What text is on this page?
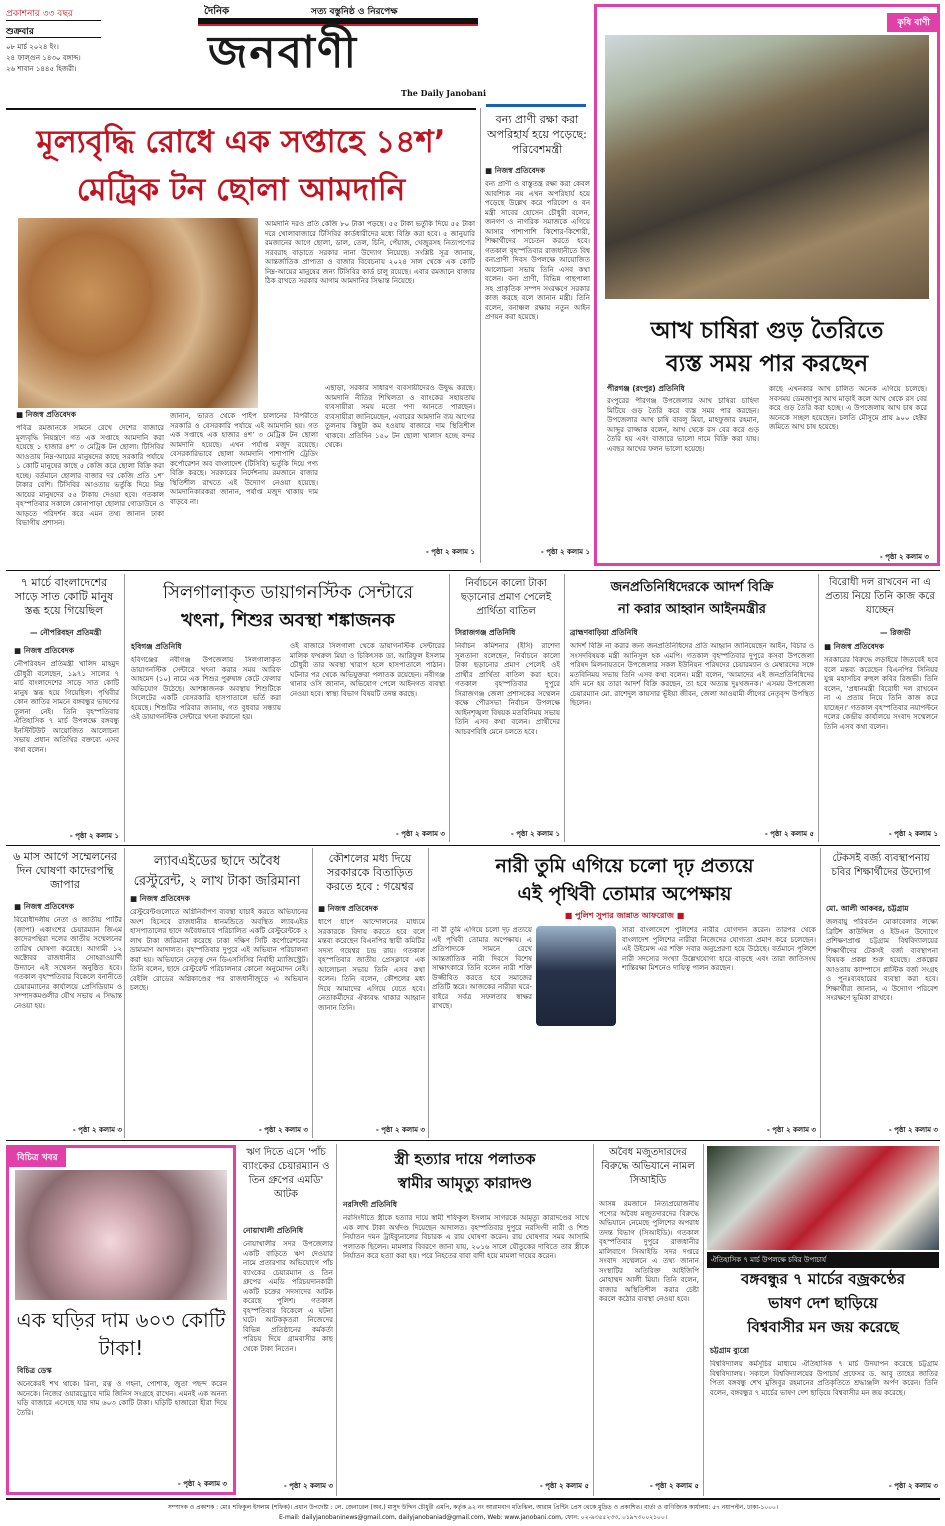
প্রকাশনার ৩৩ বছর
শুক্রবার
০৮ মার্চ ২০২৪ ইং।
২৪ ফাল্গুন ১৪৩০ বঙ্গাব্দ।
২৬ শাবান ১৪৪৫ হিজরী।
দৈনিক	সত্য বস্তুনিষ্ঠ ও নিরপেক্ষ
জনবাণী
The Daily Janobani
কৃষি বাণী
আখ চাষিরা গুড় তৈরিতে
ব্যস্ত সময় পার করছেন
পীরগঞ্জ (রংপুর) প্রতিনিধি
রংপুরের পীরগঞ্জ উপজেলার আখ চাষিরা চাহিদা মিটিয়ে গুড় তৈরি করে ব্যস্ত সময় পার করছেন। উপজেলার আখ চাষি বাবলু মিয়া, মাহফুজার রহমান, আব্দুর রাজ্জাক বলেন, আখ থেকে রস বের করে গুড় তৈরি হয় এবং বাজারে ভালো দামে বিক্রি করা যায়। এবছর আখের ফলন ভালো হয়েছে।
কাছে এখনকার আখ চালিত অনেক এগিয়ে চলেছে। সবসময় ডেমজাপুর আখ মাড়াই কলে আখ থেকে রস বের করে গুড় তৈরি করা হচ্ছে। এ উপজেলায় আখ চাষ করে অনেকে সচ্ছল হয়েছেন। চলতি মৌসুমে প্রায় ৯০০ হেক্টর জমিতে আখ চাষ হয়েছে।
- পৃষ্ঠা ২ কলাম ৩
মূল্যবৃদ্ধি রোধে এক সপ্তাহে ১৪শ’
মেট্রিক টন ছোলা আমদানি
■ নিজস্ব প্রতিবেদক
পবিত্র রমজানকে সামনে রেখে দেশের বাজারে মূল্যবৃদ্ধি নিয়ন্ত্রণে গত এক সপ্তাহে আমদানি করা হয়েছে ১ হাজার ৪শ’ ৩ মেট্রিক টন ছোলা। টিসিবির আওতায় নিম্ন-আয়ের মানুষদের কাছে সরকারি পর্যায়ে ১ কোটি মানুষের কাছে ৫ কেজি করে ছোলা বিক্রি করা হচ্ছে। বর্তমানে ছোলার বাজার দর কেজি প্রতি ১শ’ টাকার বেশি। টিসিবির আওতায় ভর্তুকি দিয়ে নিম্ন আয়ের মানুষদের ৫৫ টাকায় দেওয়া হবে। গতকাল বৃহস্পতিবার সকালে কোনাপাড়া ছোলার গোডাউনে ও আড়তে পরিদর্শন করে এমন তথ্য জানান ঢাকা বিভাগীয় প্রশাসন।
জানান, ভারত থেকে পাইপ চালানের বিপরীতে সরকারি ও বেসরকারি পর্যায়ে এই আমদানি হয়। গত এক সপ্তাহে এক হাজার ৪শ’ ৩ মেট্রিক টন ছোলা আমদানি হয়েছে। এখন পর্যাপ্ত মজুদ রয়েছে। বেসরকারিভাবে ছোলা আমদানি পাশাপাশি ট্রেডিং কর্পোরেশন অব বাংলাদেশ (টিসিবি) ভর্তুকি দিয়ে পণ্য বিক্রি করছে। সরকারের নির্দেশনায় রমজানে বাজার স্থিতিশীল রাখতে এই উদ্যোগ নেওয়া হয়েছে। আমদানিকারকরা জানান, পর্যাপ্ত মজুদ থাকায় দাম বাড়বে না।
আমদানি দরও প্রতি কেজি ৮০ টাকা পড়ছে। ৫৫ টাকা ভর্তুকি দিয়ে ৫৫ টাকা দরে খোলাবাজারে টিসিবির কার্ডধারীদের মধ্যে বিক্রি করা হবে। ৫ জানুয়ারি রমজানের আগে ছোলা, ডাল, তেল, চিনি, পেঁয়াজ, খেজুরসহ নিত্যপণ্যের সরবরাহ বাড়াতে সরকার নানা উদ্যোগ নিয়েছে। সংশ্লিষ্ট সূত্র জানায়, আন্তর্জাতিক প্রাপ্যতা ও বাজার বিবেচনায় ২০২৪ সাল থেকে এক কোটি নিম্ন-আয়ের মানুষের জন্য টিসিবির কার্ড চালু রয়েছে। এবার রমজানে বাজার ঠিক রাখতে সরকার আগাম আমদানির সিদ্ধান্ত নিয়েছে।
এছাড়া, সরকার সাধারণ ব্যবসায়ীদেরও উদ্বুদ্ধ করছে। আমদানি নীতির শিথিলতা ও ব্যাংকের সহায়তায় ব্যবসায়ীরা সময় মতো পণ্য আনতে পারছেন। ব্যবসায়ীরা জানিয়েছেন, এবারের আমদানি ব্যয় আগের তুলনায় কিছুটা কম হওয়ায় বাজারে দাম স্থিতিশীল থাকবে। প্রতিদিন ১৫০ টন ছোলা খালাস হচ্ছে বন্দর থেকে।
- পৃষ্ঠা ২ কলাম ১
বন্য প্রাণী রক্ষা করা অপরিহার্য হয়ে পড়েছে: পরিবেশমন্ত্রী
■ নিজস্ব প্রতিবেদক
বন্য প্রাণী ও বাস্তুতন্ত্র রক্ষা করা কেবল আবশ্যিক নয় এখন অপরিহার্য হয়ে পড়েছে উল্লেখ করে পরিবেশ ও বন মন্ত্রী সাবের হোসেন চৌধুরী বলেন, জনগণ ও নাগরিক সমাজকে এগিয়ে আসার পাশাপাশি কিশোর-কিশোরী, শিক্ষার্থীদের সচেতন করতে হবে। গতকাল বৃহস্পতিবার রাজধানীতে বিশ্ব বন্যপ্রাণী দিবস উপলক্ষে আয়োজিত আলোচনা সভায় তিনি এসব কথা বলেন। বন্য প্রাণী, বিভিন্ন গাছপালা সহ প্রাকৃতিক সম্পদ সংরক্ষণে সরকার কাজ করছে বলে জানান মন্ত্রী। তিনি বলেন, বনাঞ্চল রক্ষায় নতুন আইন প্রণয়ন করা হয়েছে।
- পৃষ্ঠা ২ কলাম ১
৭ মার্চে বাংলাদেশের সাড়ে সাত কোটি মানুষ স্তব্ধ হয়ে গিয়েছিল
— নৌপরিবহন প্রতিমন্ত্রী
■ নিজস্ব প্রতিবেদক
নৌপরিবহন প্রতিমন্ত্রী খালিদ মাহমুদ চৌধুরী বলেছেন, ১৯৭১ সালের ৭ মার্চ বাংলাদেশের সাড়ে সাত কোটি মানুষ স্তব্ধ হয়ে গিয়েছিল। পৃথিবীর কোন জাতির সামনে বঙ্গবন্ধুর ভাষণের তুলনা নেই। তিনি বৃহস্পতিবার ঐতিহাসিক ৭ মার্চ উপলক্ষে বঙ্গবন্ধু ইনস্টিটিউট আয়োজিত আলোচনা সভায় প্রধান অতিথির বক্তব্যে এসব কথা বলেন।
- পৃষ্ঠা ২ কলাম ১
সিলগালাকৃত ডায়াগনস্টিক সেন্টারে
খৎনা, শিশুর অবস্থা শঙ্কাজনক
হবিগঞ্জ প্রতিনিধি
হবিগঞ্জের নবীগঞ্জ উপজেলায় সিলগালাকৃত ডায়াগনস্টিক সেন্টারে খৎনা করার সময় আরিফ আহমেদ (১০) নামে এক শিশুর পুরুষাঙ্গ কেটে ফেলার অভিযোগ উঠেছে। আশঙ্কাজনক অবস্থায় শিশুটিকে সিলেটের একটি বেসরকারি হাসপাতালে ভর্তি করা হয়েছে। শিশুটির পরিবার জানায়, গত বুধবার সন্ধ্যায় ওই ডায়াগনস্টিক সেন্টারে খৎনা করানো হয়।
ওই বাজারে সিলগালা থেকে ডায়াগনস্টিক সেন্টারের মালিক ফখরুল মিয়া ও চিকিৎসক ডা. আরিফুল ইসলাম চৌধুরী তার অবস্থা খারাপ হলে হাসপাতালে পাঠান। ঘটনার পর থেকে অভিযুক্তরা পলাতক রয়েছেন। নবীগঞ্জ থানার ওসি জানান, অভিযোগ পেলে আইনগত ব্যবস্থা নেওয়া হবে। স্বাস্থ্য বিভাগ বিষয়টি তদন্ত করছে।
- পৃষ্ঠা ২ কলাম ৩
নির্বাচনে কালো টাকা ছড়ানোর প্রমাণ পেলেই প্রার্থিতা বাতিল
সিরাজগঞ্জ প্রতিনিধি
নির্বাচন কমিশনার (ইসি) রাশেদা সুলতানা বলেছেন, নির্বাচনে কালো টাকা ছড়ানোর প্রমাণ পেলেই ওই প্রার্থীর প্রার্থিতা বাতিল করা হবে। গতকাল বৃহস্পতিবার দুপুরে সিরাজগঞ্জ জেলা প্রশাসকের সম্মেলন কক্ষে পৌরসভা নির্বাচন উপলক্ষে আইনশৃঙ্খলা বিষয়ক মতবিনিময় সভায় তিনি এসব কথা বলেন। প্রার্থীদের আচরণবিধি মেনে চলতে হবে।
- পৃষ্ঠা ২ কলাম ১
জনপ্রতিনিধিদেরকে আদর্শ বিক্রি
না করার আহ্বান আইনমন্ত্রীর
ব্রাহ্মণবাড়িয়া প্রতিনিধি
আদর্শ বিক্রি না করার জন্য জনপ্রতিনিধিদের প্রতি আহ্বান জানিয়েছেন আইন, বিচার ও সংসদবিষয়ক মন্ত্রী আনিসুল হক এমপি। গতকাল বৃহস্পতিবার দুপুরে কসবা উপজেলা পরিষদ মিলনায়তনে উপজেলার সকল ইউনিয়ন পরিষদের চেয়ারম্যান ও মেম্বারদের সঙ্গে মতবিনিময় সভায় তিনি এসব কথা বলেন। মন্ত্রী বলেন, 'আমাদের এই জনপ্রতিনিধিদের যদি মনে হয় তারা আদর্শ বিক্রি করছেন, তা হবে অত্যন্ত দুঃখজনক।' এসময় উপজেলা চেয়ারম্যান মো. রাশেদুল কায়সার ভূঁইয়া জীবন, জেলা আওয়ামী লীগের নেতৃবৃন্দ উপস্থিত ছিলেন।
- পৃষ্ঠা ২ কলাম ৫
বিরোধী দল রাখবেন না এ প্রত্যয় নিয়ে তিনি কাজ করে যাচ্ছেন
— রিজভী
■ নিজস্ব প্রতিবেদক
সরকারের বিরুদ্ধে লড়াইয়ে জিতবেই হবে বলে মন্তব্য করেছেন বিএনপির সিনিয়র যুগ্ম মহাসচিব রুহুল কবির রিজভী। তিনি বলেন, 'প্রধানমন্ত্রী বিরোধী দল রাখবেন না এ প্রত্যয় নিয়ে তিনি কাজ করে যাচ্ছেন।' গতকাল বৃহস্পতিবার নয়াপল্টনে দলের কেন্দ্রীয় কার্যালয়ে সংবাদ সম্মেলনে তিনি এসব কথা বলেন।
- পৃষ্ঠা ২ কলাম ১
৬ মাস আগে সম্মেলনের দিন ঘোষণা কাদেরপন্থি জাপার
■ নিজস্ব প্রতিবেদক
বিরোধীদলীয় নেতা ও জাতীয় পার্টির (জাপা) একাংশের চেয়ারম্যান জিএম কাদেরপন্থিরা দলের জাতীয় সম্মেলনের তারিখ ঘোষণা করেছে। আগামী ১২ অক্টোবর রাজধানীর সোহরাওয়ার্দী উদ্যানে এই সম্মেলন অনুষ্ঠিত হবে। গতকাল বৃহস্পতিবার বিকেলে বনানীতে চেয়ারম্যানের কার্যালয়ে প্রেসিডিয়াম ও সম্পাদকমণ্ডলীর যৌথ সভায় এ সিদ্ধান্ত নেওয়া হয়।
- পৃষ্ঠা ২ কলাম ৩
ল্যাবএইডের ছাদে অবৈধ
রেস্টুরেন্ট, ২ লাখ টাকা জরিমানা
■ নিজস্ব প্রতিবেদক
রেস্টুরেন্টগুলোতে অগ্নিনির্বাপণ ব্যবস্থা যাচাই করতে অভিযানের অংশ হিসেবে রাজধানীর ধানমন্ডিতে অবস্থিত ল্যাবএইড হাসপাতালের ছাদে অবৈধভাবে পরিচালিত একটি রেস্টুরেন্টকে ২ লাখ টাকা জরিমানা করেছে ঢাকা দক্ষিণ সিটি কর্পোরেশনের ভ্রাম্যমাণ আদালত। বৃহস্পতিবার দুপুরে এই অভিযান পরিচালনা করা হয়। অভিযানে নেতৃত্ব দেন ডিএসসিসির নির্বাহী ম্যাজিস্ট্রেট। তিনি বলেন, ছাদে রেস্টুরেন্ট পরিচালনার কোনো অনুমোদন নেই। বেইলি রোডের অগ্নিকাণ্ডের পর রাজধানীজুড়ে এ অভিযান চলছে।
- পৃষ্ঠা ২ কলাম ৩
কৌশলের মধ্য দিয়ে সরকারকে বিতাড়িত করতে হবে : গয়েশ্বর
■ নিজস্ব প্রতিবেদক
ধাপে ধাপে আন্দোলনের মাধ্যমে সরকারকে বিদায় করতে হবে বলে মন্তব্য করেছেন বিএনপির স্থায়ী কমিটির সদস্য গয়েশ্বর চন্দ্র রায়। গতকাল বৃহস্পতিবার জাতীয় প্রেসক্লাবে এক আলোচনা সভায় তিনি এসব কথা বলেন। তিনি বলেন, কৌশলের মধ্য দিয়ে আমাদের এগিয়ে যেতে হবে। নেতাকর্মীদের ঐক্যবদ্ধ থাকার আহ্বান জানান তিনি।
- পৃষ্ঠা ২ কলাম ৩
নারী তুমি এগিয়ে চলো দৃঢ় প্রত্যয়ে
এই পৃথিবী তোমার অপেক্ষায়
■ পুলিশ সুপার জান্নাত আফরোজ ■
না রী তুমি এগিয়ে চলো দৃঢ় প্রত্যয়ে এই পৃথিবী তোমার অপেক্ষায়। এ প্রতিপাদ্যকে সামনে রেখে আন্তর্জাতিক নারী দিবসে বিশেষ সাক্ষাৎকারে তিনি বলেন নারী শক্তি উজ্জীবিত করতে হবে সমাজের প্রতিটি স্তরে। আজকের নারীরা ঘরে-বাইরে সর্বত্র সফলতার স্বাক্ষর রাখছে।
সারা বাংলাদেশে পুলিশের নারীর যোগদান করেন। তারপর থেকে বাংলাদেশ পুলিশের নারীরা নিজেদের যোগ্যতা প্রমাণ করে চলেছেন। এই উইমেন্স এর শক্তি সবার অনুপ্রেরণা হয়ে উঠেছে। বর্তমানে পুলিশে নারী সদস্যের সংখ্যা উল্লেখযোগ্য হারে বাড়ছে এবং তারা জাতিসংঘ শান্তিরক্ষা মিশনেও দায়িত্ব পালন করছেন।
- পৃষ্ঠা ২ কলাম ৩
টেকসই বর্জ্য ব্যবস্থাপনায় চবির শিক্ষার্থীদের উদ্যোগ
মো. আলী আকবর, চট্টগ্রাম
জলবায়ু পরিবর্তন মোকাবেলার লক্ষ্যে ব্রিটিশ কাউন্সিল ও ইউএন উদ্যোগে প্রশিক্ষণপ্রাপ্ত চট্টগ্রাম বিশ্ববিদ্যালয়ের শিক্ষার্থীদের টেকসই বর্জ্য ব্যবস্থাপনা বিষয়ক প্রকল্প শুরু হয়েছে। প্রকল্পের আওতায় ক্যাম্পাসে প্লাস্টিক বর্জ্য সংগ্রহ ও পুনঃব্যবহারের ব্যবস্থা করা হবে। শিক্ষার্থীরা জানান, এ উদ্যোগ পরিবেশ সংরক্ষণে ভূমিকা রাখবে।
- পৃষ্ঠা ২ কলাম ৩
বিচিত্র খবর
এক ঘড়ির দাম ৬০৩ কোটি টাকা!
বিচিত্র ডেস্ক
অনেকেরই শখ থাকে। রিনা, রত্ন ও গহনা, পোশাক, জুতা পছন্দ করেন অনেকে। নিজের ওয়ারড্রোবে দামি জিনিস সংগ্রহে রাখেন। এমনই এক অনন্য ঘড়ি বাজারে এসেছে যার দাম ৬০৩ কোটি টাকা। ঘড়িটি হাজারো হীরা দিয়ে তৈরি।
- পৃষ্ঠা ২ কলাম ৩
ঋণ দিতে এসে 'পাঁচ ব্যাংকের চেয়ারম্যান ও তিন গ্রুপের এমডি' আটক
নোয়াখালী প্রতিনিধি
নোয়াখালীর সদর উপজেলার একটি বাড়িতে ঋণ দেওয়ার নামে প্রতারণার অভিযোগে পাঁচ ব্যাংকের চেয়ারম্যান ও তিন গ্রুপের এমডি পরিচয়দানকারী একটি চক্রের সদস্যদের আটক করেছে পুলিশ। গতকাল বৃহস্পতিবার বিকেলে এ ঘটনা ঘটে। আটককৃতরা নিজেদের বিভিন্ন প্রতিষ্ঠানের কর্মকর্তা পরিচয় দিয়ে গ্রামবাসীর কাছ থেকে টাকা নিতেন।
- পৃষ্ঠা ২ কলাম ৩
স্ত্রী হত্যার দায়ে পলাতক
স্বামীর আমৃত্যু কারাদণ্ড
নরসিংদী প্রতিনিধি
নরসিংদীতে স্ত্রীকে হত্যার দায়ে স্বামী শফিকুল ইসলাম সাগরকে আমৃত্যু কারাদণ্ডের সাথে এক লাখ টাকা অর্থদণ্ড দিয়েছেন আদালত। বৃহস্পতিবার দুপুরে নরসিংদী নারী ও শিশু নির্যাতন দমন ট্রাইব্যুনালের বিচারক এ রায় ঘোষণা করেন। রায় ঘোষণার সময় আসামি পলাতক ছিলেন। মামলার বিবরণে জানা যায়, ২০১৬ সালে যৌতুকের দাবিতে তার স্ত্রীকে নির্যাতন করে হত্যা করা হয়। পরে নিহতের বাবা বাদী হয়ে মামলা দায়ের করেন।
- পৃষ্ঠা ২ কলাম ৫
অবৈধ মজুতদারদের বিরুদ্ধে অভিযানে নামল সিআইডি
আসন্ন রমজানে নিত্যপ্রয়োজনীয় পণ্যের অবৈধ মজুতদারদের বিরুদ্ধে অভিযানে নেমেছে পুলিশের অপরাধ তদন্ত বিভাগ (সিআইডি)। গতকাল বৃহস্পতিবার দুপুরে রাজধানীর মালিবাগে সিআইডি সদর দপ্তরে সংবাদ সম্মেলনে এ তথ্য জানান সংস্থাটির অতিরিক্ত আইজিপি মোহাম্মদ আলী মিয়া। তিনি বলেন, বাজার অস্থিতিশীল করার চেষ্টা করলে কঠোর ব্যবস্থা নেওয়া হবে।
- পৃষ্ঠা ২ কলাম ৫
ঐতিহাসিক ৭ মার্চ উপলক্ষে চবির উপাচার্য
বঙ্গবন্ধুর ৭ মার্চের বজ্রকণ্ঠের
ভাষণ দেশ ছাড়িয়ে
বিশ্ববাসীর মন জয় করেছে
চট্টগ্রাম ব্যুরো
বিশ্ববিদ্যালয় কর্মসূচির মাধ্যমে ঐতিহাসিক ৭ মার্চ উদযাপন করেছে চট্টগ্রাম বিশ্ববিদ্যালয়। সকালে বিশ্ববিদ্যালয়ের উপাচার্য প্রফেসর ড. আবু তাহের জাতির পিতা বঙ্গবন্ধু শেখ মুজিবুর রহমানের প্রতিকৃতিতে শ্রদ্ধাঞ্জলি অর্পণ করেন। তিনি বলেন, বঙ্গবন্ধুর ৭ মার্চের ভাষণ দেশ ছাড়িয়ে বিশ্ববাসীর মন জয় করেছে।
- পৃষ্ঠা ২ কলাম ৩
সম্পাদক ও প্রকাশক : মোঃ শফিকুল ইসলাম (শফিক)। প্রধান উপদেষ্টা : লে. জেনারেল (অব.) মাসুদ উদ্দিন চৌধুরী এমপি, কর্তৃক ৯২ নং আরামবাগ মতিঝিল, আরাম প্রিন্টিং প্রেস থেকে মুদ্রিত ও প্রকাশিত। বার্তা ও বাণিজ্যিক কার্যালয়: ৫৭ নয়াপল্টন, ঢাকা-১০০০।
E-mail: dailyjanobaninews@gmail.com, dailyjanobaniad@gmail.com, Web: www.janobani.com, ফোন: ০২-৯৩৫৫২৩৩, ০১৯৭৩০০২১০০।
